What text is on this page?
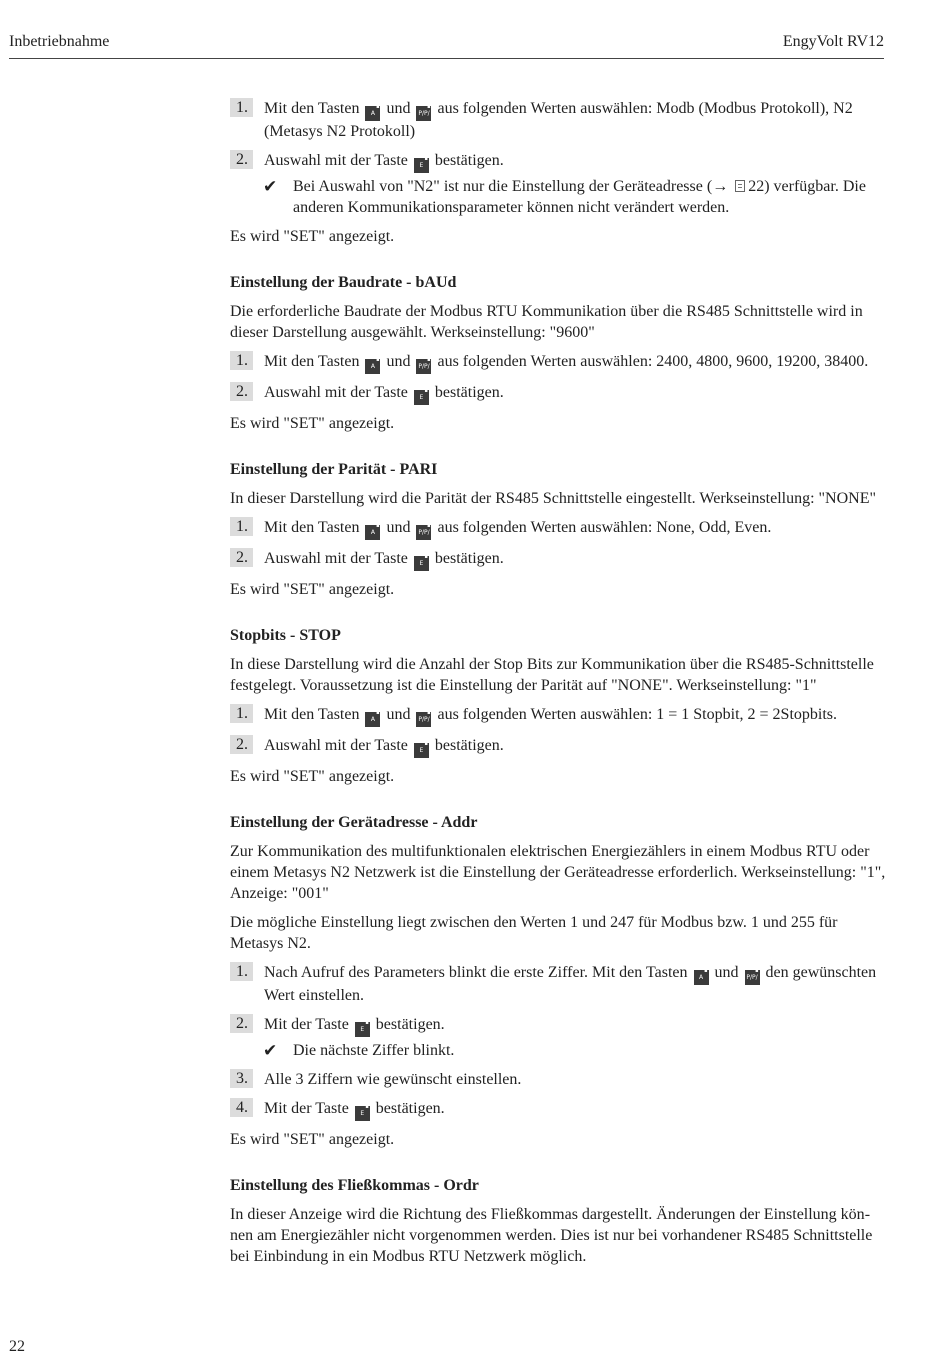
Inbetriebnahme	EngyVolt RV12
1.	Mit den Tasten A ▪ und P/P/ ▪ aus folgenden Werten auswählen: Modb (Modbus Protokoll), N2 (Metasys N2 Protokoll)
2.	Auswahl mit der Taste E ▪ bestätigen.
✔ Bei Auswahl von "N2" ist nur die Einstellung der Geräteadresse (→ 22) verfügbar. Die anderen Kommunikationsparameter können nicht verändert werden.

Es wird "SET" angezeigt.

Einstellung der Baudrate - bAUd

Die erforderliche Baudrate der Modbus RTU Kommunikation über die RS485 Schnittstelle wird in dieser Darstellung ausgewählt. Werkseinstellung: "9600"

1.	Mit den Tasten A ▪ und P/P/ ▪ aus folgenden Werten auswählen: 2400, 4800, 9600, 19200, 38400.
2.	Auswahl mit der Taste E ▪ bestätigen.

Es wird "SET" angezeigt.

Einstellung der Parität - PARI

In dieser Darstellung wird die Parität der RS485 Schnittstelle eingestellt. Werkseinstellung: "NONE"

1.	Mit den Tasten A ▪ und P/P/ ▪ aus folgenden Werten auswählen: None, Odd, Even.
2.	Auswahl mit der Taste E ▪ bestätigen.

Es wird "SET" angezeigt.

Stopbits - STOP

In diese Darstellung wird die Anzahl der Stop Bits zur Kommunikation über die RS485-Schnittstelle festgelegt. Voraussetzung ist die Einstellung der Parität auf "NONE". Werkseinstellung: "1"

1.	Mit den Tasten A ▪ und P/P/ ▪ aus folgenden Werten auswählen: 1 = 1 Stopbit, 2 = 2Stopbits.
2.	Auswahl mit der Taste E ▪ bestätigen.

Es wird "SET" angezeigt.

Einstellung der Gerätadresse - Addr

Zur Kommunikation des multifunktionalen elektrischen Energiezählers in einem Modbus RTU oder einem Metasys N2 Netzwerk ist die Einstellung der Geräteadresse erforderlich. Werkseinstellung: "1", Anzeige: "001"

Die mögliche Einstellung liegt zwischen den Werten 1 und 247 für Modbus bzw. 1 und 255 für Metasys N2.

1.	Nach Aufruf des Parameters blinkt die erste Ziffer. Mit den Tasten A ▪ und P/P/ ▪ den gewünschten Wert einstellen.
2.	Mit der Taste E ▪ bestätigen.
✔ Die nächste Ziffer blinkt.
3.	Alle 3 Ziffern wie gewünscht einstellen.
4.	Mit der Taste E ▪ bestätigen.

Es wird "SET" angezeigt.

Einstellung des Fließkommas - Ordr

In dieser Anzeige wird die Richtung des Fließkommas dargestellt. Änderungen der Einstellung können am Energiezähler nicht vorgenommen werden. Dies ist nur bei vorhandener RS485 Schnittstelle bei Einbindung in ein Modbus RTU Netzwerk möglich.

22
